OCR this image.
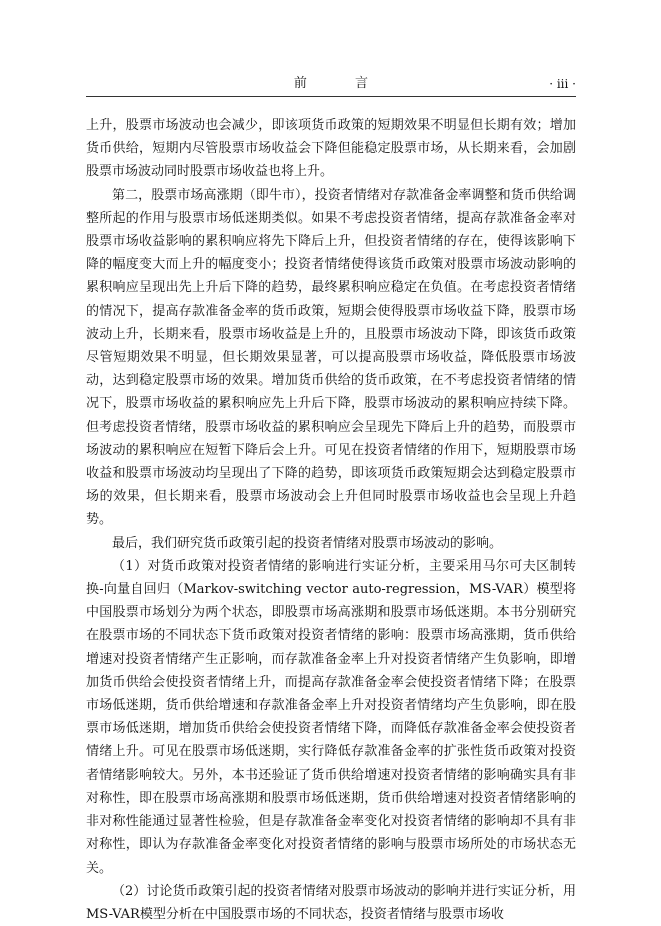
前 言	· iii ·

上升，股票市场波动也会减少，即该项货币政策的短期效果不明显但长期有效；增加货币供给，短期内尽管股票市场收益会下降但能稳定股票市场，从长期来看，会加剧股票市场波动同时股票市场收益也将上升。

第二，股票市场高涨期（即牛市），投资者情绪对存款准备金率调整和货币供给调整所起的作用与股票市场低迷期类似。如果不考虑投资者情绪，提高存款准备金率对股票市场收益影响的累积响应将先下降后上升，但投资者情绪的存在，使得该影响下降的幅度变大而上升的幅度变小；投资者情绪使得该货币政策对股票市场波动影响的累积响应呈现出先上升后下降的趋势，最终累积响应稳定在负值。在考虑投资者情绪的情况下，提高存款准备金率的货币政策，短期会使得股票市场收益下降，股票市场波动上升，长期来看，股票市场收益是上升的，且股票市场波动下降，即该货币政策尽管短期效果不明显，但长期效果显著，可以提高股票市场收益，降低股票市场波动，达到稳定股票市场的效果。增加货币供给的货币政策，在不考虑投资者情绪的情况下，股票市场收益的累积响应先上升后下降，股票市场波动的累积响应持续下降。但考虑投资者情绪，股票市场收益的累积响应会呈现先下降后上升的趋势，而股票市场波动的累积响应在短暂下降后会上升。可见在投资者情绪的作用下，短期股票市场收益和股票市场波动均呈现出了下降的趋势，即该项货币政策短期会达到稳定股票市场的效果，但长期来看，股票市场波动会上升但同时股票市场收益也会呈现上升趋势。

最后，我们研究货币政策引起的投资者情绪对股票市场波动的影响。

（1）对货币政策对投资者情绪的影响进行实证分析，主要采用马尔可夫区制转换-向量自回归（Markov-switching vector auto-regression，MS-VAR）模型将中国股票市场划分为两个状态，即股票市场高涨期和股票市场低迷期。本书分别研究在股票市场的不同状态下货币政策对投资者情绪的影响：股票市场高涨期，货币供给增速对投资者情绪产生正影响，而存款准备金率上升对投资者情绪产生负影响，即增加货币供给会使投资者情绪上升，而提高存款准备金率会使投资者情绪下降；在股票市场低迷期，货币供给增速和存款准备金率上升对投资者情绪均产生负影响，即在股票市场低迷期，增加货币供给会使投资者情绪下降，而降低存款准备金率会使投资者情绪上升。可见在股票市场低迷期，实行降低存款准备金率的扩张性货币政策对投资者情绪影响较大。另外，本书还验证了货币供给增速对投资者情绪的影响确实具有非对称性，即在股票市场高涨期和股票市场低迷期，货币供给增速对投资者情绪影响的非对称性能通过显著性检验，但是存款准备金率变化对投资者情绪的影响却不具有非对称性，即认为存款准备金率变化对投资者情绪的影响与股票市场所处的市场状态无关。

（2）讨论货币政策引起的投资者情绪对股票市场波动的影响并进行实证分析，用MS-VAR模型分析在中国股票市场的不同状态，投资者情绪与股票市场收
